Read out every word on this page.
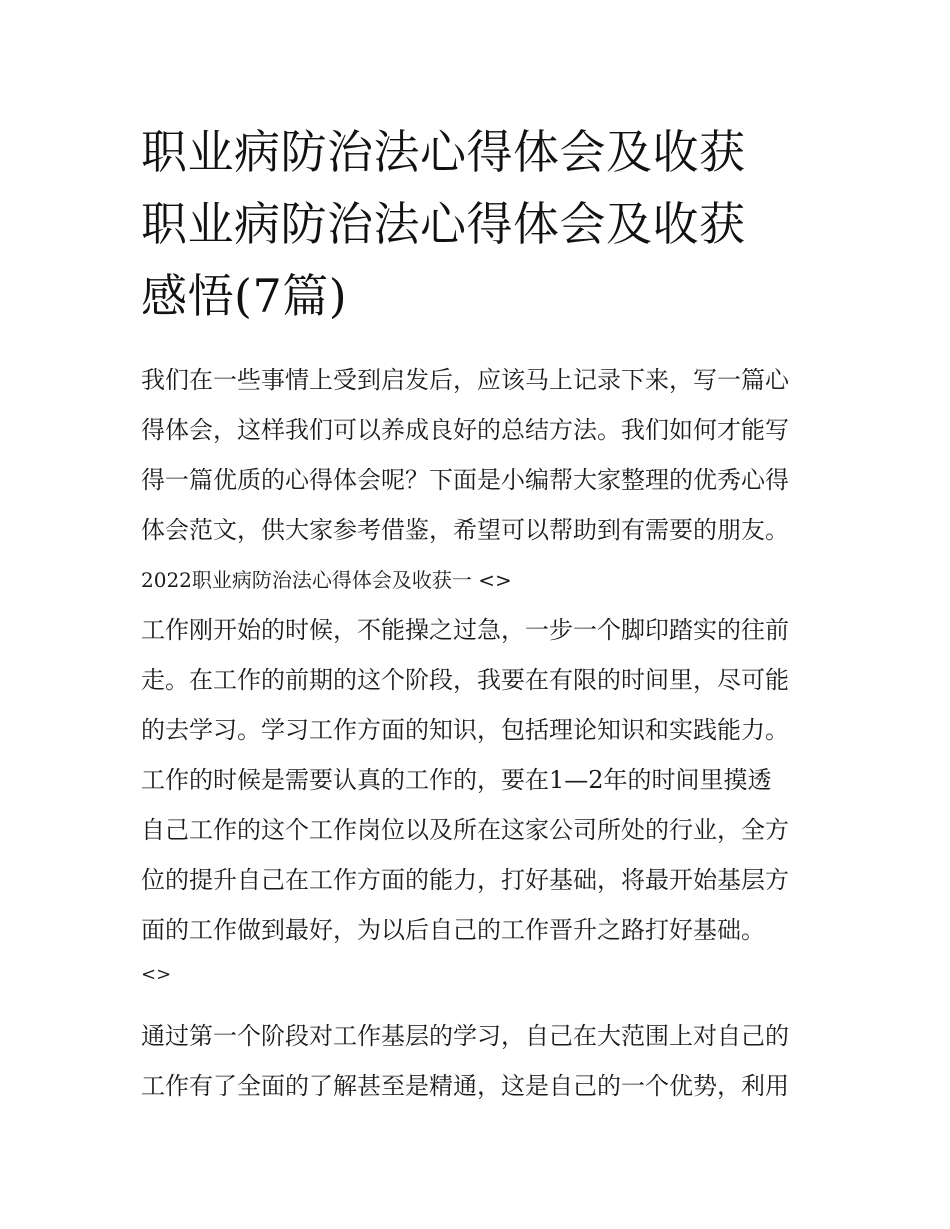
职业病防治法心得体会及收获
职业病防治法心得体会及收获
感悟(7篇)
我们在一些事情上受到启发后，应该马上记录下来，写一篇心
得体会，这样我们可以养成良好的总结方法。我们如何才能写
得一篇优质的心得体会呢？下面是小编帮大家整理的优秀心得
体会范文，供大家参考借鉴，希望可以帮助到有需要的朋友。
2022职业病防治法心得体会及收获一 <>
工作刚开始的时候，不能操之过急，一步一个脚印踏实的往前
走。在工作的前期的这个阶段，我要在有限的时间里，尽可能
的去学习。学习工作方面的知识，包括理论知识和实践能力。
工作的时候是需要认真的工作的，要在1—2年的时间里摸透
自己工作的这个工作岗位以及所在这家公司所处的行业，全方
位的提升自己在工作方面的能力，打好基础，将最开始基层方
面的工作做到最好，为以后自己的工作晋升之路打好基础。
<>
通过第一个阶段对工作基层的学习，自己在大范围上对自己的
工作有了全面的了解甚至是精通，这是自己的一个优势，利用
